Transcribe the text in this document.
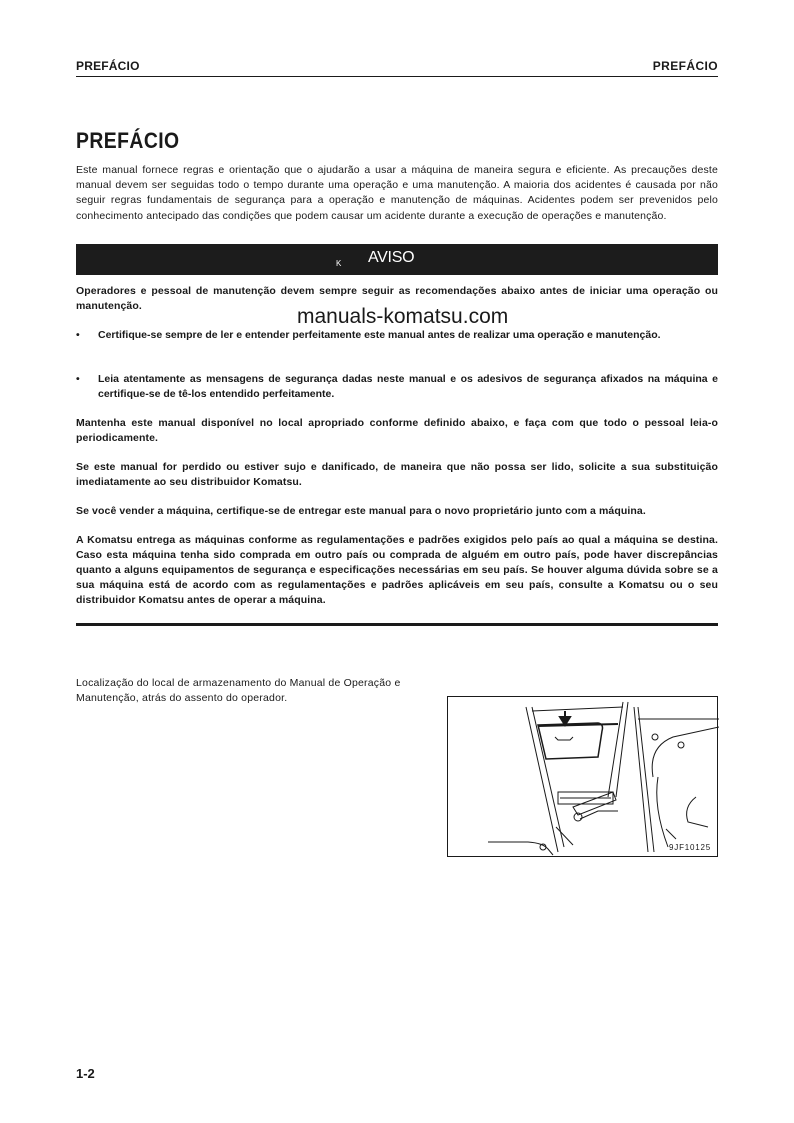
PREFÁCIO	PREFÁCIO
PREFÁCIO

Este manual fornece regras e orientação que o ajudarão a usar a máquina de maneira segura e eficiente. As precauções deste manual devem ser seguidas todo o tempo durante uma operação e uma manutenção. A maioria dos acidentes é causada por não seguir regras fundamentais de segurança para a operação e manutenção de máquinas. Acidentes podem ser prevenidos pelo conhecimento antecipado das condições que podem causar um acidente durante a execução de operações e manutenção.

K AVISO

Operadores e pessoal de manutenção devem sempre seguir as recomendações abaixo antes de iniciar uma operação ou manutenção.	manuals-komatsu.com
• Certifique-se sempre de ler e entender perfeitamente este manual antes de realizar uma operação e manutenção.
• Leia atentamente as mensagens de segurança dadas neste manual e os adesivos de segurança afixados na máquina e certifique-se de tê-los entendido perfeitamente.

Mantenha este manual disponível no local apropriado conforme definido abaixo, e faça com que todo o pessoal leia-o periodicamente.

Se este manual for perdido ou estiver sujo e danificado, de maneira que não possa ser lido, solicite a sua substituição imediatamente ao seu distribuidor Komatsu.

Se você vender a máquina, certifique-se de entregar este manual para o novo proprietário junto com a máquina.

A Komatsu entrega as máquinas conforme as regulamentações e padrões exigidos pelo país ao qual a máquina se destina. Caso esta máquina tenha sido comprada em outro país ou comprada de alguém em outro país, pode haver discrepâncias quanto a alguns equipamentos de segurança e especificações necessárias em seu país. Se houver alguma dúvida sobre se a sua máquina está de acordo com as regulamentações e padrões aplicáveis em seu país, consulte a Komatsu ou o seu distribuidor Komatsu antes de operar a máquina.

Localização do local de armazenamento do Manual de Operação e Manutenção, atrás do assento do operador.

9JF10125
1-2
